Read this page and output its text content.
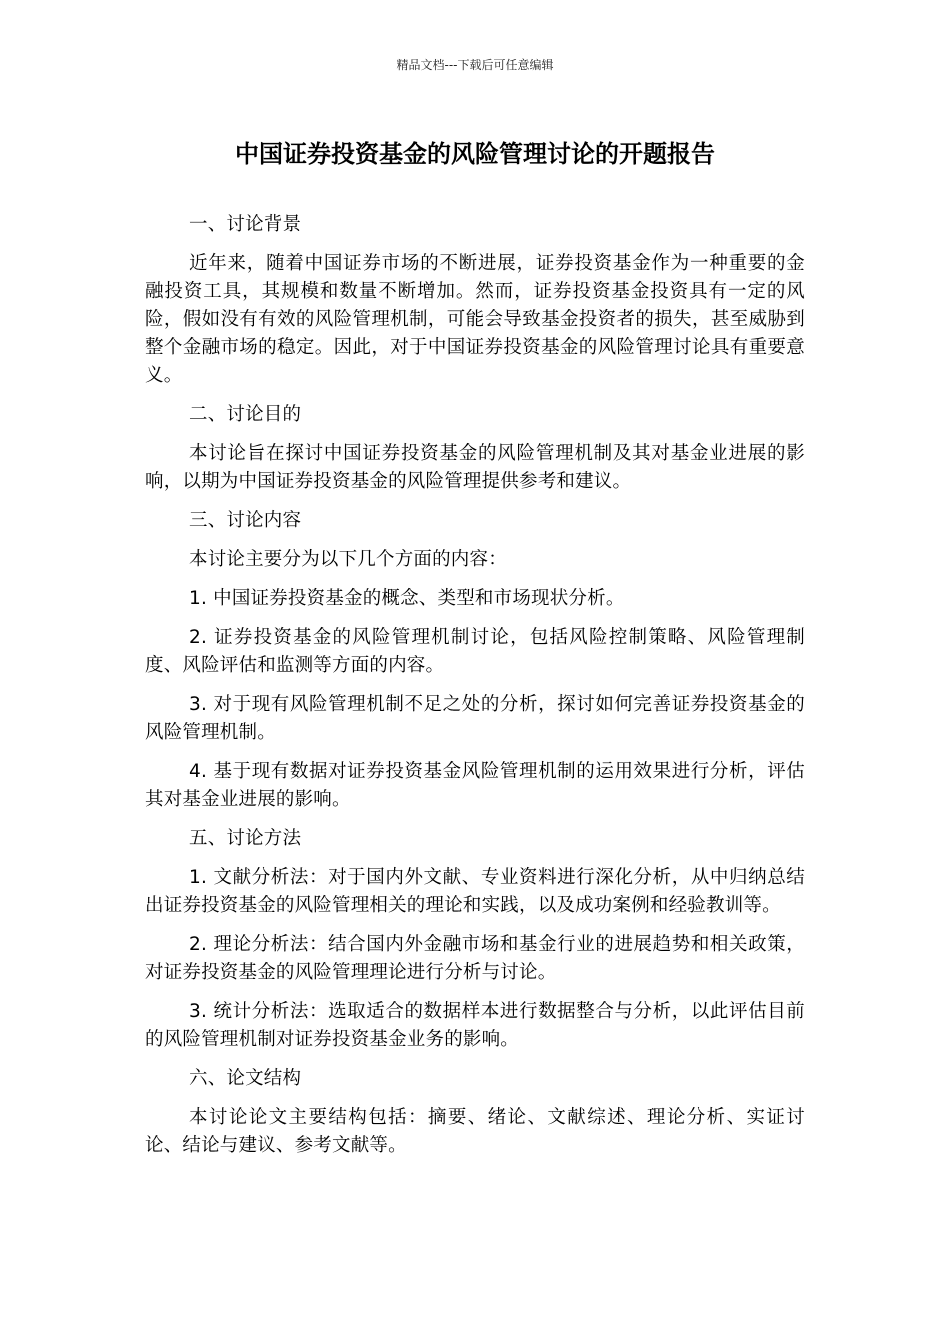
精品文档---下载后可任意编辑
中国证券投资基金的风险管理讨论的开题报告

一、讨论背景

近年来，随着中国证券市场的不断进展，证券投资基金作为一种重要的金融投资工具，其规模和数量不断增加。然而，证券投资基金投资具有一定的风险，假如没有有效的风险管理机制，可能会导致基金投资者的损失，甚至威胁到整个金融市场的稳定。因此，对于中国证券投资基金的风险管理讨论具有重要意义。

二、讨论目的

本讨论旨在探讨中国证券投资基金的风险管理机制及其对基金业进展的影响，以期为中国证券投资基金的风险管理提供参考和建议。

三、讨论内容

本讨论主要分为以下几个方面的内容：

1. 中国证券投资基金的概念、类型和市场现状分析。

2. 证券投资基金的风险管理机制讨论，包括风险控制策略、风险管理制度、风险评估和监测等方面的内容。

3. 对于现有风险管理机制不足之处的分析，探讨如何完善证券投资基金的风险管理机制。

4. 基于现有数据对证券投资基金风险管理机制的运用效果进行分析，评估其对基金业进展的影响。

五、讨论方法

1. 文献分析法：对于国内外文献、专业资料进行深化分析，从中归纳总结出证券投资基金的风险管理相关的理论和实践，以及成功案例和经验教训等。

2. 理论分析法：结合国内外金融市场和基金行业的进展趋势和相关政策，对证券投资基金的风险管理理论进行分析与讨论。

3. 统计分析法：选取适合的数据样本进行数据整合与分析，以此评估目前的风险管理机制对证券投资基金业务的影响。

六、论文结构

本讨论论文主要结构包括：摘要、绪论、文献综述、理论分析、实证讨论、结论与建议、参考文献等。
